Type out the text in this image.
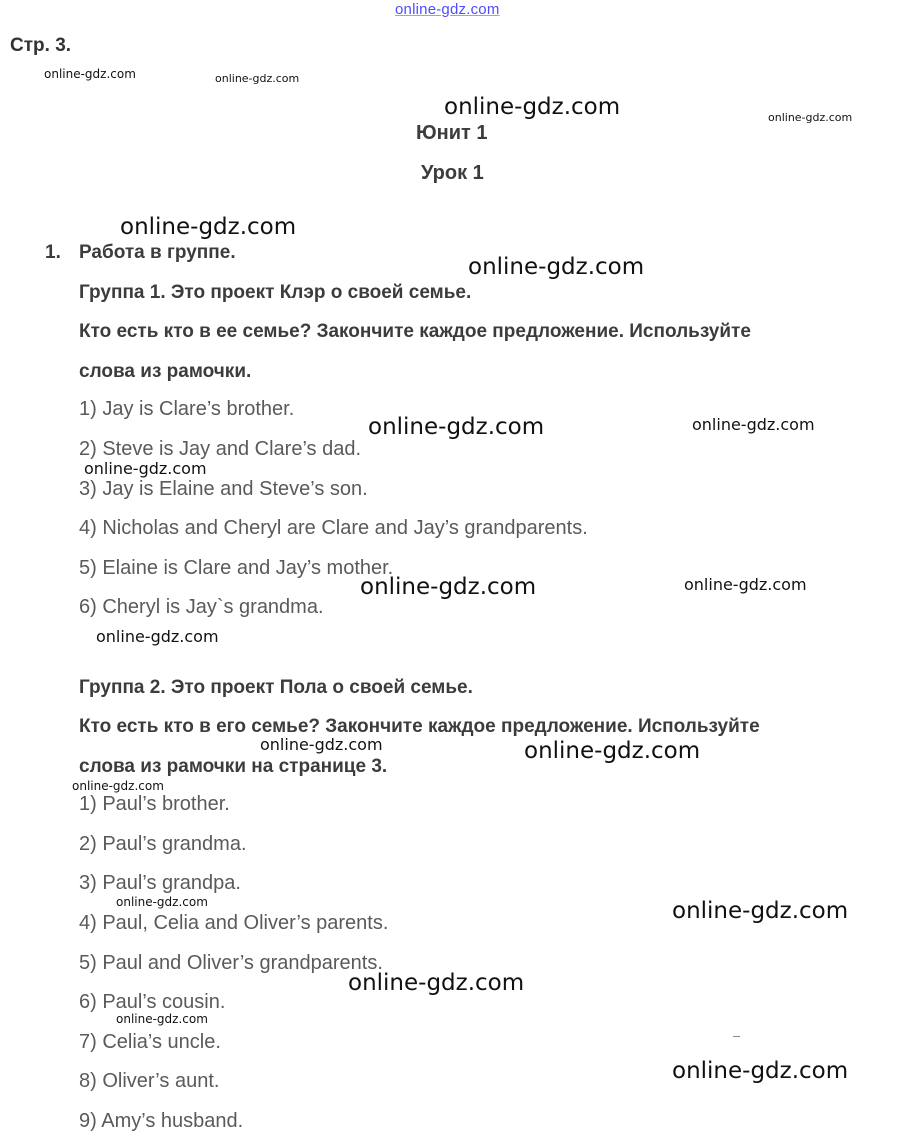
online-gdz.com
Стр. 3.
Юнит 1
Урок 1
1. Работа в группе.
Группа 1. Это проект Клэр о своей семье.
Кто есть кто в ее семье? Закончите каждое предложение. Используйте
слова из рамочки.
1) Jay is Clare’s brother.
2) Steve is Jay and Clare’s dad.
3) Jay is Elaine and Steve’s son.
4) Nicholas and Cheryl are Clare and Jay’s grandparents.
5) Elaine is Clare and Jay’s mother.
6) Cheryl is Jay`s grandma.
Группа 2. Это проект Пола о своей семье.
Кто есть кто в его семье? Закончите каждое предложение. Используйте
слова из рамочки на странице 3.
1) Paul’s brother.
2) Paul’s grandma.
3) Paul’s grandpa.
4) Paul, Celia and Oliver’s parents.
5) Paul and Oliver’s grandparents.
6) Paul’s cousin.
7) Celia’s uncle.
8) Oliver’s aunt.
9) Amy’s husband.
online-gdz.com	online-gdz.com
online-gdz.com	online-gdz.com
online-gdz.com
online-gdz.com
online-gdz.com	online-gdz.com
online-gdz.com
online-gdz.com	online-gdz.com
online-gdz.com
online-gdz.com	online-gdz.com
online-gdz.com
online-gdz.com	online-gdz.com
online-gdz.com
online-gdz.com
online-gdz.com
